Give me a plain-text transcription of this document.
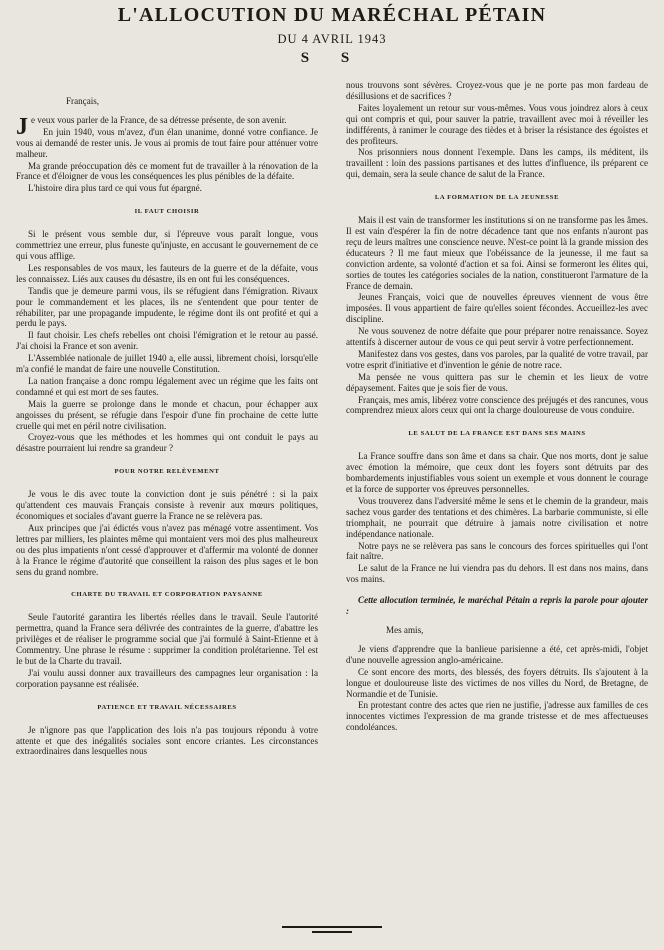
L'ALLOCUTION DU MARÉCHAL PÉTAIN
DU 4 AVRIL 1943
S S

Français,

Je veux vous parler de la France, de sa détresse présente, de son avenir.

En juin 1940, vous m'avez, d'un élan unanime, donné votre confiance. Je vous ai demandé de rester unis. Je vous ai promis de tout faire pour atténuer votre malheur.

Ma grande préoccupation dès ce moment fut de travailler à la rénovation de la France et d'éloigner de vous les conséquences les plus pénibles de la défaite.

L'histoire dira plus tard ce qui vous fut épargné.

IL FAUT CHOISIR

Si le présent vous semble dur, si l'épreuve vous paraît longue, vous commettriez une erreur, plus funeste qu'injuste, en accusant le gouvernement de ce qui vous afflige.

Les responsables de vos maux, les fauteurs de la guerre et de la défaite, vous les connaissez. Liés aux causes du désastre, ils en ont fui les conséquences.

Tandis que je demeure parmi vous, ils se réfugient dans l'émigration. Rivaux pour le commandement et les places, ils ne s'entendent que pour tenter de réhabiliter, par une propagande impudente, le régime dont ils ont profité et qui a perdu le pays.

Il faut choisir. Les chefs rebelles ont choisi l'émigration et le retour au passé. J'ai choisi la France et son avenir.

L'Assemblée nationale de juillet 1940 a, elle aussi, librement choisi, lorsqu'elle m'a confié le mandat de faire une nouvelle Constitution.

La nation française a donc rompu légalement avec un régime que les faits ont condamné et qui est mort de ses fautes.

Mais la guerre se prolonge dans le monde et chacun, pour échapper aux angoisses du présent, se réfugie dans l'espoir d'une fin prochaine de cette lutte cruelle qui met en péril notre civilisation.

Croyez-vous que les méthodes et les hommes qui ont conduit le pays au désastre pourraient lui rendre sa grandeur ?

POUR NOTRE RELÈVEMENT

Je vous le dis avec toute la conviction dont je suis pénétré : si la paix qu'attendent ces mauvais Français consiste à revenir aux mœurs politiques, économiques et sociales d'avant guerre la France ne se relèvera pas.

Aux principes que j'ai édictés vous n'avez pas ménagé votre assentiment. Vos lettres par milliers, les plaintes même qui montaient vers moi des plus malheureux ou des plus impatients n'ont cessé d'approuver et d'affermir ma volonté de donner à la France le régime d'autorité que conseillent la raison des plus sages et le bon sens du grand nombre.

CHARTE DU TRAVAIL ET CORPORATION PAYSANNE

Seule l'autorité garantira les libertés réelles dans le travail. Seule l'autorité permettra, quand la France sera délivrée des contraintes de la guerre, d'abattre les privilèges et de réaliser le programme social que j'ai formulé à Saint-Etienne et à Commentry. Une phrase le résume : supprimer la condition prolétarienne. Tel est le but de la Charte du travail.

J'ai voulu aussi donner aux travailleurs des campagnes leur organisation : la corporation paysanne est réalisée.

PATIENCE ET TRAVAIL NÉCESSAIRES

Je n'ignore pas que l'application des lois n'a pas toujours répondu à votre attente et que des inégalités sociales sont encore criantes. Les circonstances extraordinaires dans lesquelles nous

nous trouvons sont sévères. Croyez-vous que je ne porte pas mon fardeau de désillusions et de sacrifices ?

Faites loyalement un retour sur vous-mêmes. Vous vous joindrez alors à ceux qui ont compris et qui, pour sauver la patrie, travaillent avec moi à réveiller les indifférents, à ranimer le courage des tièdes et à briser la résistance des égoïstes et des profiteurs.

Nos prisonniers nous donnent l'exemple. Dans les camps, ils méditent, ils travaillent : loin des passions partisanes et des luttes d'influence, ils préparent ce qui, demain, sera la seule chance de salut de la France.

LA FORMATION DE LA JEUNESSE

Mais il est vain de transformer les institutions si on ne transforme pas les âmes. Il est vain d'espérer la fin de notre décadence tant que nos enfants n'auront pas reçu de leurs maîtres une conscience neuve. N'est-ce point là la grande mission des éducateurs ? Il me faut mieux que l'obéissance de la jeunesse, il me faut sa conviction ardente, sa volonté d'action et sa foi. Ainsi se formeront les élites qui, sorties de toutes les catégories sociales de la nation, constitueront l'armature de la France de demain.

Jeunes Français, voici que de nouvelles épreuves viennent de vous être imposées. Il vous appartient de faire qu'elles soient fécondes. Accueillez-les avec discipline.

Ne vous souvenez de notre défaite que pour préparer notre renaissance. Soyez attentifs à discerner autour de vous ce qui peut servir à votre perfectionnement.

Manifestez dans vos gestes, dans vos paroles, par la qualité de votre travail, par votre esprit d'initiative et d'invention le génie de notre race.

Ma pensée ne vous quittera pas sur le chemin et les lieux de votre dépaysement. Faites que je sois fier de vous.

Français, mes amis, libérez votre conscience des préjugés et des rancunes, vous comprendrez mieux alors ceux qui ont la charge douloureuse de vous conduire.

LE SALUT DE LA FRANCE EST DANS SES MAINS

La France souffre dans son âme et dans sa chair. Que nos morts, dont je salue avec émotion la mémoire, que ceux dont les foyers sont détruits par des bombardements injustifiables vous soient un exemple et vous donnent le courage et la force de supporter vos épreuves personnelles.

Vous trouverez dans l'adversité même le sens et le chemin de la grandeur, mais sachez vous garder des tentations et des chimères. La barbarie communiste, si elle triomphait, ne pourrait que détruire à jamais notre civilisation et notre indépendance nationale.

Notre pays ne se relèvera pas sans le concours des forces spirituelles qui l'ont fait naître.

Le salut de la France ne lui viendra pas du dehors. Il est dans nos mains, dans vos mains.

Cette allocution terminée, le maréchal Pétain a repris la parole pour ajouter :

Mes amis,

Je viens d'apprendre que la banlieue parisienne a été, cet après-midi, l'objet d'une nouvelle agression anglo-américaine.

Ce sont encore des morts, des blessés, des foyers détruits. Ils s'ajoutent à la longue et douloureuse liste des victimes de nos villes du Nord, de Bretagne, de Normandie et de Tunisie.

En protestant contre des actes que rien ne justifie, j'adresse aux familles de ces innocentes victimes l'expression de ma grande tristesse et de mes affectueuses condoléances.
